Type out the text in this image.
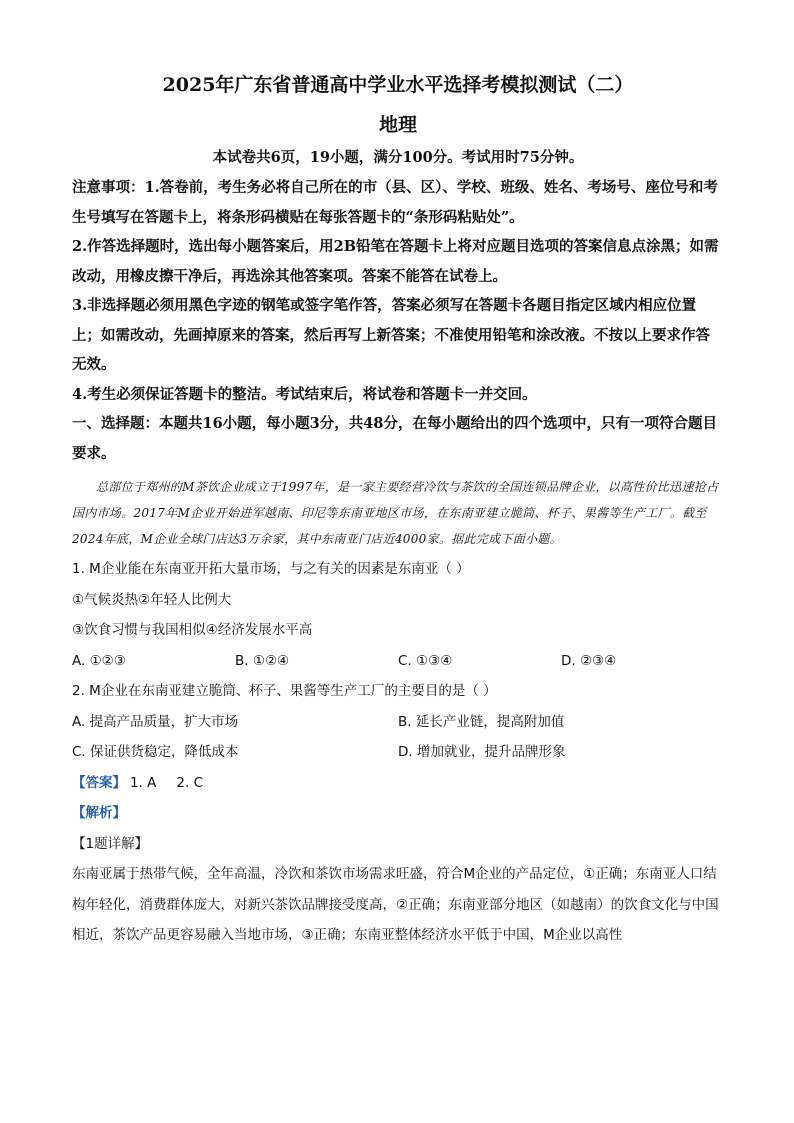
2025年广东省普通高中学业水平选择考模拟测试（二）
地理
本试卷共6页，19小题，满分100分。考试用时75分钟。

注意事项：1.答卷前，考生务必将自己所在的市（县、区）、学校、班级、姓名、考场号、座位号和考生号填写在答题卡上，将条形码横贴在每张答题卡的“条形码粘贴处”。

2.作答选择题时，选出每小题答案后，用2B铅笔在答题卡上将对应题目选项的答案信息点涂黑；如需改动，用橡皮擦干净后，再选涂其他答案项。答案不能答在试卷上。

3.非选择题必须用黑色字迹的钢笔或签字笔作答，答案必须写在答题卡各题目指定区域内相应位置上；如需改动，先画掉原来的答案，然后再写上新答案；不准使用铅笔和涂改液。不按以上要求作答无效。

4.考生必须保证答题卡的整洁。考试结束后，将试卷和答题卡一并交回。

一、选择题：本题共16小题，每小题3分，共48分，在每小题给出的四个选项中，只有一项符合题目要求。

总部位于郑州的M茶饮企业成立于1997年，是一家主要经营冷饮与茶饮的全国连锁品牌企业，以高性价比迅速抢占国内市场。2017年M企业开始进军越南、印尼等东南亚地区市场，在东南亚建立脆筒、杯子、果酱等生产工厂。截至2024年底，M企业全球门店达3万余家，其中东南亚门店近4000家。据此完成下面小题。

1. M企业能在东南亚开拓大量市场，与之有关的因素是东南亚（ ）

①气候炎热②年轻人比例大

③饮食习惯与我国相似④经济发展水平高

A. ①②③	B. ①②④	C. ①③④	D. ②③④

2. M企业在东南亚建立脆筒、杯子、果酱等生产工厂的主要目的是（ ）

A. 提高产品质量，扩大市场	B. 延长产业链，提高附加值
C. 保证供货稳定，降低成本	D. 增加就业，提升品牌形象
【答案】 1. A 2. C
【解析】

【1题详解】

东南亚属于热带气候，全年高温，冷饮和茶饮市场需求旺盛，符合M企业的产品定位，①正确；东南亚人口结构年轻化，消费群体庞大，对新兴茶饮品牌接受度高，②正确；东南亚部分地区（如越南）的饮食文化与中国相近，茶饮产品更容易融入当地市场，③正确；东南亚整体经济水平低于中国，M企业以高性
